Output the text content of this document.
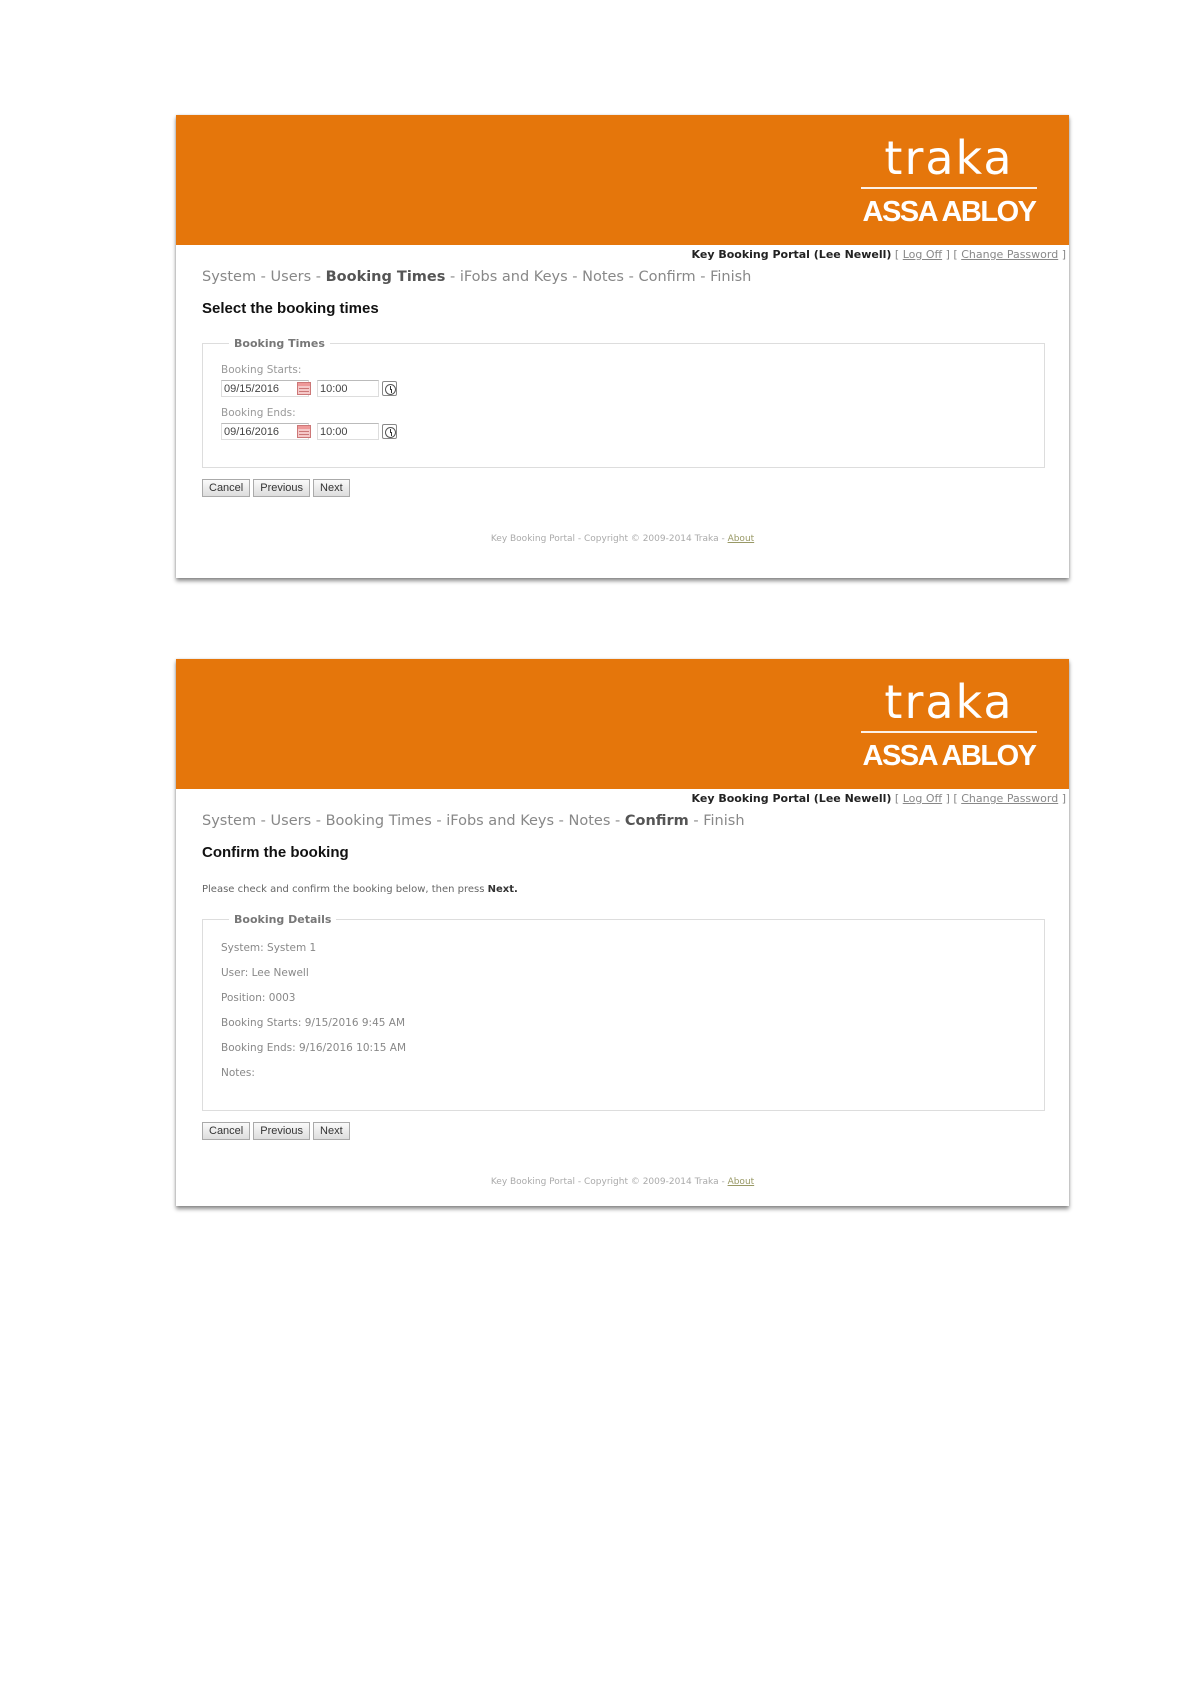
traka
ASSA ABLOY
Key Booking Portal (Lee Newell) [ Log Off ] [ Change Password ]
System - Users - Booking Times - iFobs and Keys - Notes - Confirm - Finish
Select the booking times
Booking Times
Booking Starts:
09/15/2016	10:00
Booking Ends:
09/16/2016	10:00
Cancel	Previous	Next
Key Booking Portal - Copyright © 2009-2014 Traka - About
traka
ASSA ABLOY
Key Booking Portal (Lee Newell) [ Log Off ] [ Change Password ]
System - Users - Booking Times - iFobs and Keys - Notes - Confirm - Finish
Confirm the booking
Please check and confirm the booking below, then press Next.
Booking Details
System: System 1
User: Lee Newell
Position: 0003
Booking Starts: 9/15/2016 9:45 AM
Booking Ends: 9/16/2016 10:15 AM
Notes:
Cancel	Previous	Next
Key Booking Portal - Copyright © 2009-2014 Traka - About
